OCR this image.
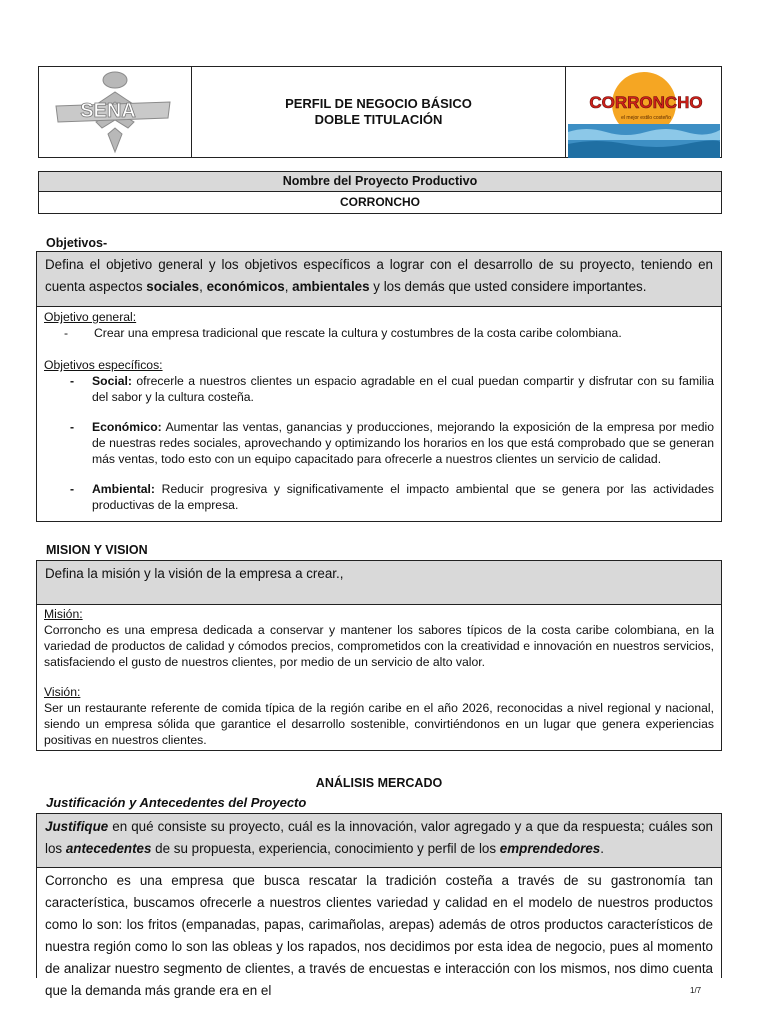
SENA	PERFIL DE NEGOCIO BÁSICO
DOBLE TITULACIÓN
CORRONCHO
el mejor estilo costeño
Nombre del Proyecto Productivo
CORRONCHO
Objetivos-
Defina el objetivo general y los objetivos específicos a lograr con el desarrollo de su proyecto, teniendo en cuenta aspectos sociales, económicos, ambientales y los demás que usted considere importantes.
Objetivo general:
- Crear una empresa tradicional que rescate la cultura y costumbres de la costa caribe colombiana.
Objetivos específicos:
- Social: ofrecerle a nuestros clientes un espacio agradable en el cual puedan compartir y disfrutar con su familia del sabor y la cultura costeña.
- Económico: Aumentar las ventas, ganancias y producciones, mejorando la exposición de la empresa por medio de nuestras redes sociales, aprovechando y optimizando los horarios en los que está comprobado que se generan más ventas, todo esto con un equipo capacitado para ofrecerle a nuestros clientes un servicio de calidad.
- Ambiental: Reducir progresiva y significativamente el impacto ambiental que se genera por las actividades productivas de la empresa.
MISION Y VISION
Defina la misión y la visión de la empresa a crear.,
Misión:
Corroncho es una empresa dedicada a conservar y mantener los sabores típicos de la costa caribe colombiana, en la variedad de productos de calidad y cómodos precios, comprometidos con la creatividad e innovación en nuestros servicios, satisfaciendo el gusto de nuestros clientes, por medio de un servicio de alto valor.
Visión:
Ser un restaurante referente de comida típica de la región caribe en el año 2026, reconocidas a nivel regional y nacional, siendo un empresa sólida que garantice el desarrollo sostenible, convirtiéndonos en un lugar que genera experiencias positivas en nuestros clientes.
ANÁLISIS MERCADO
Justificación y Antecedentes del Proyecto
Justifique en qué consiste su proyecto, cuál es la innovación, valor agregado y a que da respuesta; cuáles son los antecedentes de su propuesta, experiencia, conocimiento y perfil de los emprendedores.
Corroncho es una empresa que busca rescatar la tradición costeña a través de su gastronomía tan característica, buscamos ofrecerle a nuestros clientes variedad y calidad en el modelo de nuestros productos como lo son: los fritos (empanadas, papas, carimañolas, arepas) además de otros productos característicos de nuestra región como lo son las obleas y los rapados, nos decidimos por esta idea de negocio, pues al momento de analizar nuestro segmento de clientes, a través de encuestas e interacción con los mismos, nos dimo cuenta que la demanda más grande era en el	1/7
